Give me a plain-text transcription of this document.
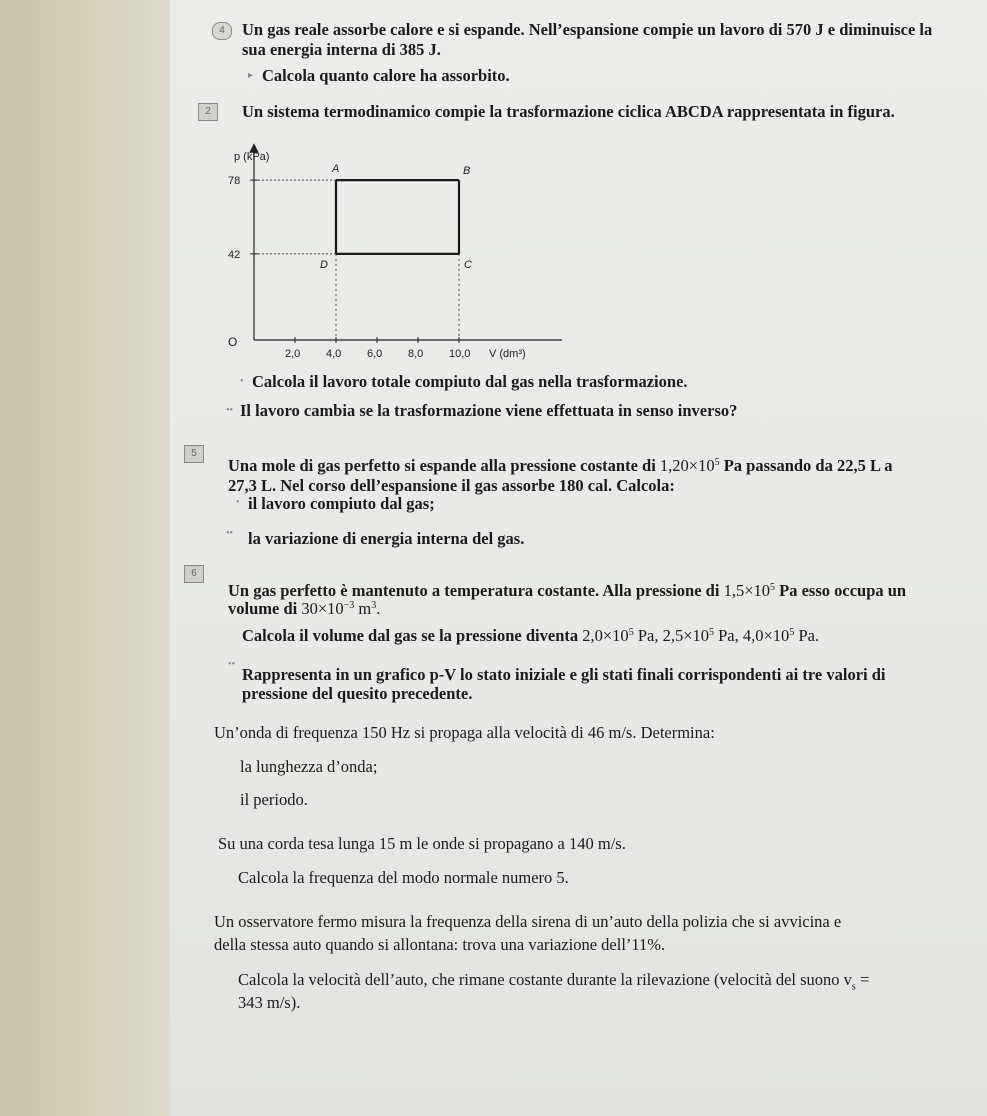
4	Un gas reale assorbe calore e si espande. Nell’espansione compie un lavoro di 570 J e diminuisce la
sua energia interna di 385 J.
▸ Calcola quanto calore ha assorbito.
2	Un sistema termodinamico compie la trasformazione ciclica ABCDA rappresentata in figura.
A	B
C
D
78
42
2,0 4,0 6,0 8,0 10,0
O
p (kPa)
V (dm³)
• Calcola il lavoro totale compiuto dal gas nella trasformazione.
•• Il lavoro cambia se la trasformazione viene effettuata in senso inverso?
5
Una mole di gas perfetto si espande alla pressione costante di $1,20\times 10^5$ Pa passando da 22,5 L a
27,3 L. Nel corso dell’espansione il gas assorbe 180 cal. Calcola:
• il lavoro compiuto dal gas;
•• la variazione di energia interna del gas.
6
Un gas perfetto è mantenuto a temperatura costante. Alla pressione di $1,5\times 10^5$ Pa esso occupa un
volume di $30\times 10^{-3}$ $m^3$.
Calcola il volume dal gas se la pressione diventa $2,0\times 10^5$ Pa, $2,5\times 10^5$ Pa, $4,0\times 10^5$ Pa.
••
Rappresenta in un grafico p-V lo stato iniziale e gli stati finali corrispondenti ai tre valori di
pressione del quesito precedente.
Un’onda di frequenza 150 Hz si propaga alla velocità di 46 m/s. Determina:
la lunghezza d’onda;
il periodo.
Su una corda tesa lunga 15 m le onde si propagano a 140 m/s.
Calcola la frequenza del modo normale numero 5.
Un osservatore fermo misura la frequenza della sirena di un’auto della polizia che si avvicina e
della stessa auto quando si allontana: trova una variazione dell’11%.
Calcola la velocità dell’auto, che rimane costante durante la rilevazione (velocità del suono $v_s$ =
343 m/s).
